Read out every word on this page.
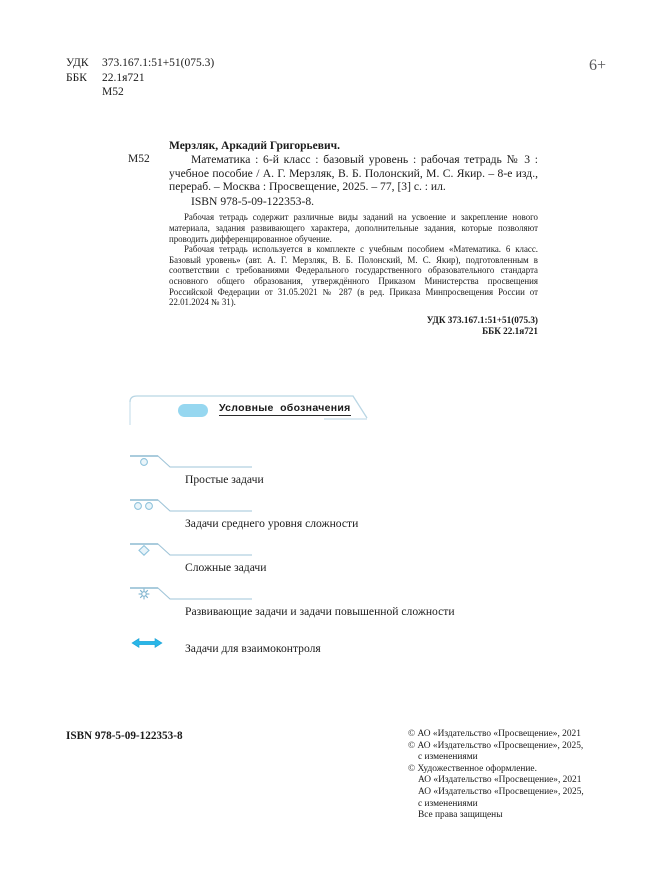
УДК	373.167.1:51+51(075.3)
ББК	22.1я721
М52
6+
Мерзляк, Аркадий Григорьевич.
М52	Математика : 6-й класс : базовый уровень : рабочая тетрадь № 3 : учебное пособие / А. Г. Мерзляк, В. Б. Полонский, М. С. Якир. – 8-е изд., перераб. – Москва : Просвещение, 2025. – 77, [3] с. : ил.
ISBN 978-5-09-122353-8.

Рабочая тетрадь содержит различные виды заданий на усвоение и закрепление нового материала, задания развивающего характера, дополнительные задания, которые позволяют проводить дифференцированное обучение.

Рабочая тетрадь используется в комплекте с учебным пособием «Математика. 6 класс. Базовый уровень» (авт. А. Г. Мерзляк, В. Б. Полонский, М. С. Якир), подготовленным в соответствии с требованиями Федерального государственного образовательного стандарта основного общего образования, утверждённого Приказом Министерства просвещения Российской Федерации от 31.05.2021 № 287 (в ред. Приказа Минпросвещения России от 22.01.2024 № 31).

УДК 373.167.1:51+51(075.3)
ББК 22.1я721
Условные  обозначения
Простые задачи
Задачи среднего уровня сложности
Сложные задачи
Развивающие задачи и задачи повышенной сложности
Задачи для взаимоконтроля
ISBN 978-5-09-122353-8	© АО «Издательство «Просвещение», 2021
© АО «Издательство «Просвещение», 2025,
с изменениями
© Художественное оформление.
АО «Издательство «Просвещение», 2021
АО «Издательство «Просвещение», 2025,
с изменениями
Все права защищены
